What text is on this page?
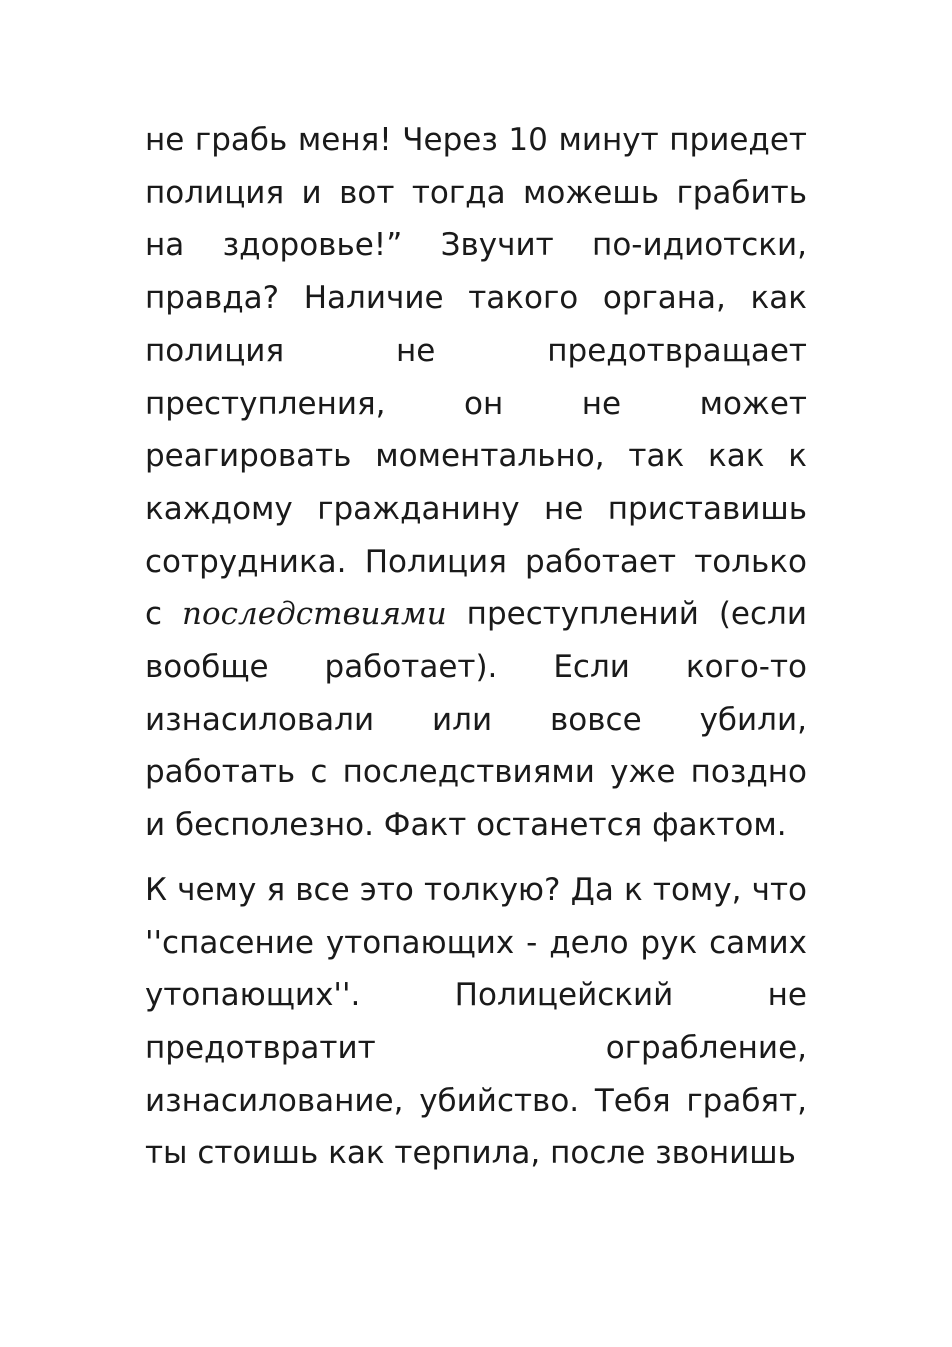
не грабь меня! Через 10 минут приедет полиция и вот тогда можешь грабить на здоровье!” Звучит по-идиотски, правда? Наличие такого органа, как полиция не предотвращает преступления, он не может реагировать моментально, так как к каждому гражданину не приставишь сотрудника. Полиция работает только с последствиями преступлений (если вообще работает). Если кого-то изнасиловали или вовсе убили, работать с последствиями уже поздно и бесполезно. Факт останется фактом.

К чему я все это толкую? Да к тому, что ''спасение утопающих - дело рук самих утопающих''. Полицейский не предотвратит ограбление, изнасилование, убийство. Тебя грабят, ты стоишь как терпила, после звонишь
